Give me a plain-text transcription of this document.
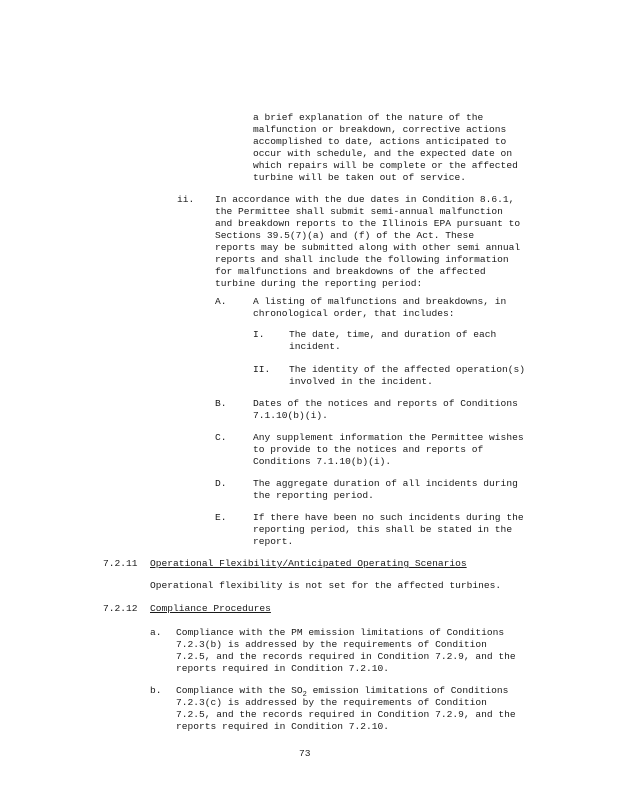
a brief explanation of the nature of the
malfunction or breakdown, corrective actions
accomplished to date, actions anticipated to
occur with schedule, and the expected date on
which repairs will be complete or the affected
turbine will be taken out of service.
ii. In accordance with the due dates in Condition 8.6.1,
the Permittee shall submit semi-annual malfunction
and breakdown reports to the Illinois EPA pursuant to
Sections 39.5(7)(a) and (f) of the Act. These
reports may be submitted along with other semi annual
reports and shall include the following information
for malfunctions and breakdowns of the affected
turbine during the reporting period:
A.	A listing of malfunctions and breakdowns, in
chronological order, that includes:
I.	The date, time, and duration of each
incident.
II. The identity of the affected operation(s)
involved in the incident.
B.	Dates of the notices and reports of Conditions
7.1.10(b)(i).
C.	Any supplement information the Permittee wishes
to provide to the notices and reports of
Conditions 7.1.10(b)(i).
D.	The aggregate duration of all incidents during
the reporting period.
E.	If there have been no such incidents during the
reporting period, this shall be stated in the
report.
7.2.11 Operational Flexibility/Anticipated Operating Scenarios
Operational flexibility is not set for the affected turbines.
7.2.12 Compliance Procedures
a. Compliance with the PM emission limitations of Conditions
7.2.3(b) is addressed by the requirements of Condition
7.2.5, and the records required in Condition 7.2.9, and the
reports required in Condition 7.2.10.
b. Compliance with the $SO_2$ emission limitations of Conditions
7.2.3(c) is addressed by the requirements of Condition
7.2.5, and the records required in Condition 7.2.9, and the
reports required in Condition 7.2.10.
73
